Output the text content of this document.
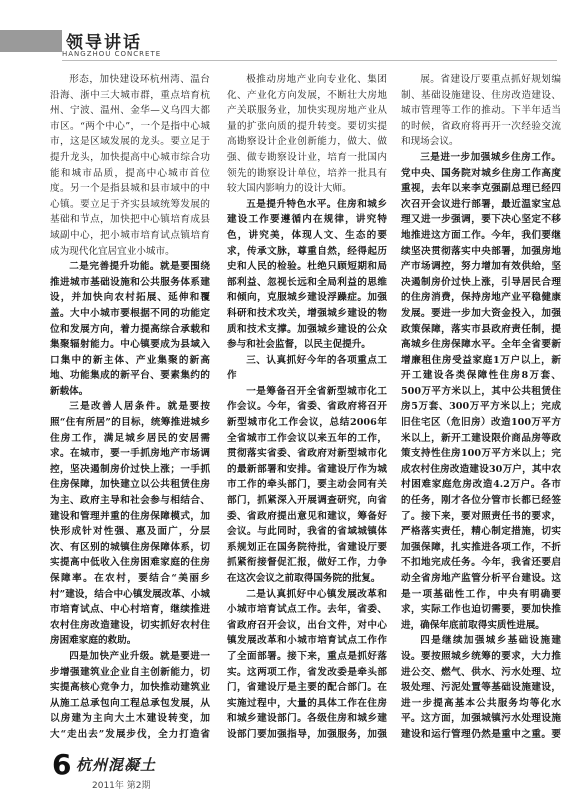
领导讲话
HANGZHOU CONCRETE

形态，加快建设环杭州湾、温台沿海、浙中三大城市群，重点培育杭州、宁波、温州、金华—义乌四大都市区。“两个中心”，一个是指中心城市，这是区域发展的龙头。要立足于提升龙头，加快提高中心城市综合功能和城市品质，提高中心城市首位度。另一个是指县城和县市域中的中心镇。要立足于齐实县域统筹发展的基础和节点，加快把中心镇培育成县域副中心，把小城市培育试点镇培育成为现代化宜居宜业小城市。

二是完善提升功能。就是要围绕推进城市基础设施和公共服务体系建设，并加快向农村拓展、延伸和覆盖。大中小城市要根据不同的功能定位和发展方向，着力提高综合承载和集聚辐射能力。中心镇要成为县域入口集中的新主体、产业集聚的新高地、功能集成的新平台、要素集约的新载体。

三是改善人居条件。就是要按照“住有所居”的目标，统筹推进城乡住房工作，满足城乡居民的安居需求。在城市，要一手抓房地产市场调控，坚决遏制房价过快上涨；一手抓住房保障，加快建立以公共租赁住房为主、政府主导和社会参与相结合、建设和管理并重的住房保障模式，加快形成针对性强、惠及面广，分层次、有区别的城镇住房保障体系，切实提高中低收入住房困难家庭的住房保障率。在农村，要结合“美丽乡村”建设，结合中心镇发展改革、小城市培育试点、中心村培育，继续推进农村住房改造建设，切实抓好农村住房困难家庭的救助。

四是加快产业升级。就是要进一步增强建筑业企业自主创新能力，切实提高核心竞争力，加快推动建筑业从施工总承包向工程总承包发展，从以房建为主向大土木建设转变，加大“走出去”发展步伐，全力打造省

极推动房地产业向专业化、集团化、产业化方向发展，不断壮大房地产关联服务业，加快实现房地产业从量的扩张向质的提升转变。要切实提高勘察设计企业创新能力，做大、做强、做专勘察设计业，培育一批国内领先的勘察设计单位，培养一批具有较大国内影响力的设计大师。

五是提升特色水平。住房和城乡建设工作要遵循内在规律，讲究特色，讲究美，体现人文、生态的要求，传承文脉，尊重自然，经得起历史和人民的检验。杜绝只顾短期和局部利益、忽视长远和全局利益的思维和倾向，克服城乡建设浮躁症。加强科研和技术攻关，增强城乡建设的物质和技术支撑。加强城乡建设的公众参与和社会监督，以民主促提升。

三、认真抓好今年的各项重点工作

一是筹备召开全省新型城市化工作会议。今年，省委、省政府将召开新型城市化工作会议，总结2006年全省城市工作会议以来五年的工作，贯彻落实省委、省政府对新型城市化的最新部署和安排。省建设厅作为城市工作的牵头部门，要主动会同有关部门，抓紧深入开展调查研究，向省委、省政府提出意见和建议，筹备好会议。与此同时，我省的省域城镇体系规划正在国务院待批，省建设厅要抓紧衔接督促汇报，做好工作，力争在这次会议之前取得国务院的批复。

二是认真抓好中心镇发展改革和小城市培育试点工作。去年，省委、省政府召开会议，出台文件，对中心镇发展改革和小城市培育试点工作作了全面部署。接下来，重点是抓好落实。这两项工作，省发改委是牵头部门，省建设厅是主要的配合部门。在实施过程中，大量的具体工作在住房和城乡建设部门。各级住房和城乡建设部门要加强指导，加强服务，加强

展。省建设厅要重点抓好规划编制、基础设施建设、住房改造建设、城市管理等工作的推动。下半年适当的时候，省政府将再开一次经验交流和现场会议。

三是进一步加强城乡住房工作。党中央、国务院对城乡住房工作高度重视，去年以来李克强副总理已经四次召开会议进行部署，最近温家宝总理又进一步强调，要下决心坚定不移地推进这方面工作。今年，我们要继续坚决贯彻落实中央部署，加强房地产市场调控，努力增加有效供给，坚决遏制房价过快上涨，引导居民合理的住房消费，保持房地产业平稳健康发展。要进一步加大资金投入，加强政策保障，落实市县政府责任制，提高城乡住房保障水平。全年全省要新增廉租住房受益家庭1万户以上，新开工建设各类保障性住房8万套、500万平方米以上，其中公共租赁住房5万套、300万平方米以上；完成旧住宅区（危旧房）改造100万平方米以上，新开工建设限价商品房等政策支持性住房100万平方米以上；完成农村住房改造建设30万户，其中农村困难家庭危房改造4.2万户。各市的任务，刚才各位分管市长都已经签了。接下来，要对照责任书的要求，严格落实责任，精心制定措施，切实加强保障，扎实推进各项工作，不折不扣地完成任务。今年，我省还要启动全省房地产监管分析平台建设。这是一项基础性工作，中央有明确要求，实际工作也迫切需要，要加快推进，确保年底前取得实质性进展。

四是继续加强城乡基础设施建设。要按照城乡统筹的要求，大力推进公交、燃气、供水、污水处理、垃圾处理、污泥处置等基础设施建设，进一步提高基本公共服务均等化水平。这方面，加强城镇污水处理设施建设和运行管理仍然是重中之重。要

6 杭州混凝土
2011年 第2期
